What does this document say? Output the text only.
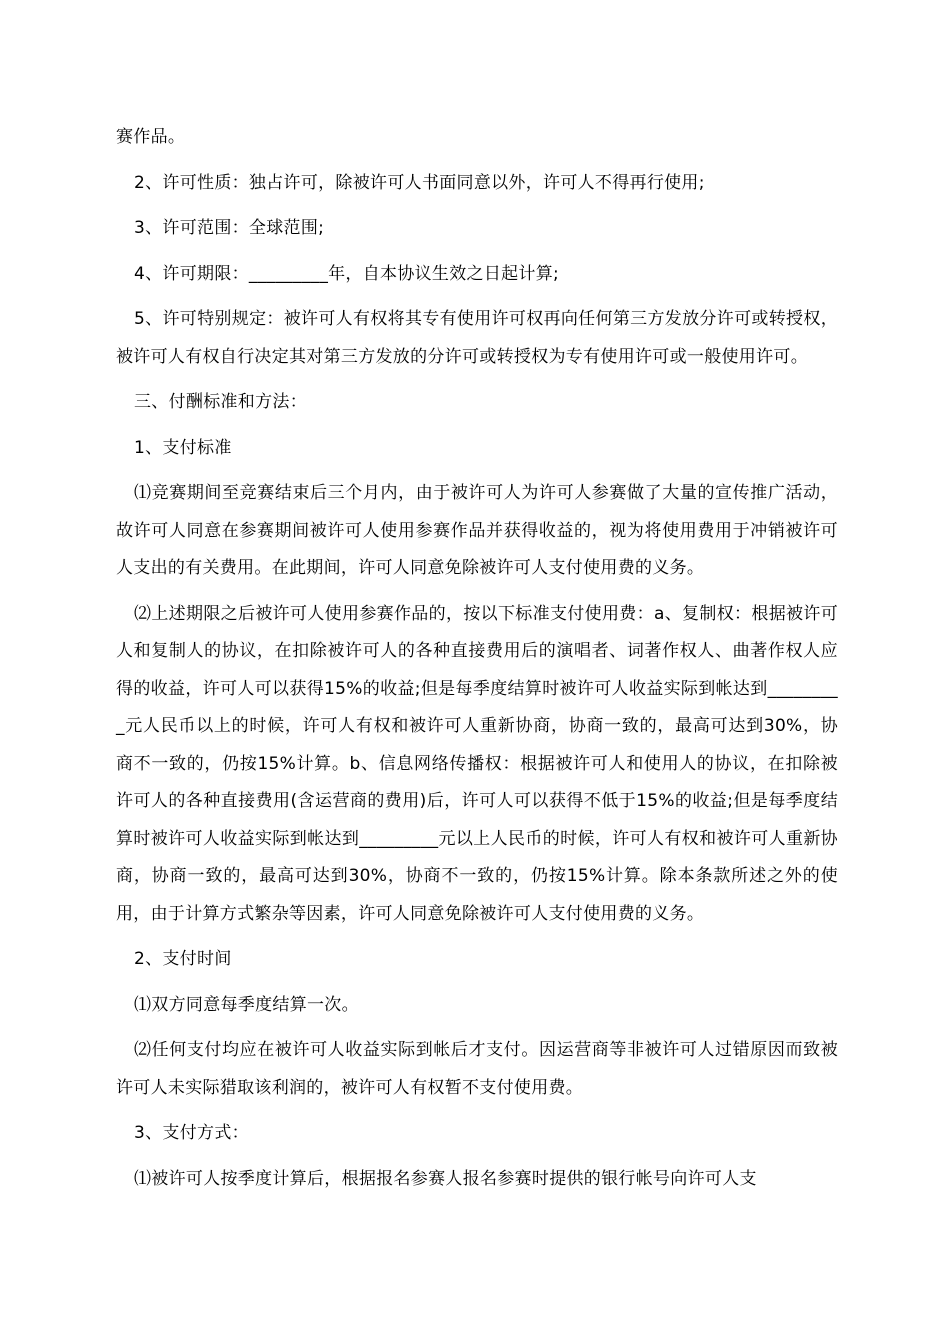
赛作品。

2、许可性质：独占许可，除被许可人书面同意以外，许可人不得再行使用;

3、许可范围：全球范围;

4、许可期限：_________年，自本协议生效之日起计算;

5、许可特别规定：被许可人有权将其专有使用许可权再向任何第三方发放分许可或转授权，被许可人有权自行决定其对第三方发放的分许可或转授权为专有使用许可或一般使用许可。

三、付酬标准和方法：

1、支付标准

⑴竞赛期间至竞赛结束后三个月内，由于被许可人为许可人参赛做了大量的宣传推广活动，故许可人同意在参赛期间被许可人使用参赛作品并获得收益的，视为将使用费用于冲销被许可人支出的有关费用。在此期间，许可人同意免除被许可人支付使用费的义务。

⑵上述期限之后被许可人使用参赛作品的，按以下标准支付使用费：a、复制权：根据被许可人和复制人的协议，在扣除被许可人的各种直接费用后的演唱者、词著作权人、曲著作权人应得的收益，许可人可以获得15%的收益;但是每季度结算时被许可人收益实际到帐达到_________元人民币以上的时候，许可人有权和被许可人重新协商，协商一致的，最高可达到30%，协商不一致的，仍按15%计算。b、信息网络传播权：根据被许可人和使用人的协议，在扣除被许可人的各种直接费用(含运营商的费用)后，许可人可以获得不低于15%的收益;但是每季度结算时被许可人收益实际到帐达到_________元以上人民币的时候，许可人有权和被许可人重新协商，协商一致的，最高可达到30%，协商不一致的，仍按15%计算。除本条款所述之外的使用，由于计算方式繁杂等因素，许可人同意免除被许可人支付使用费的义务。

2、支付时间

⑴双方同意每季度结算一次。

⑵任何支付均应在被许可人收益实际到帐后才支付。因运营商等非被许可人过错原因而致被许可人未实际猎取该利润的，被许可人有权暂不支付使用费。

3、支付方式：

⑴被许可人按季度计算后，根据报名参赛人报名参赛时提供的银行帐号向许可人支
